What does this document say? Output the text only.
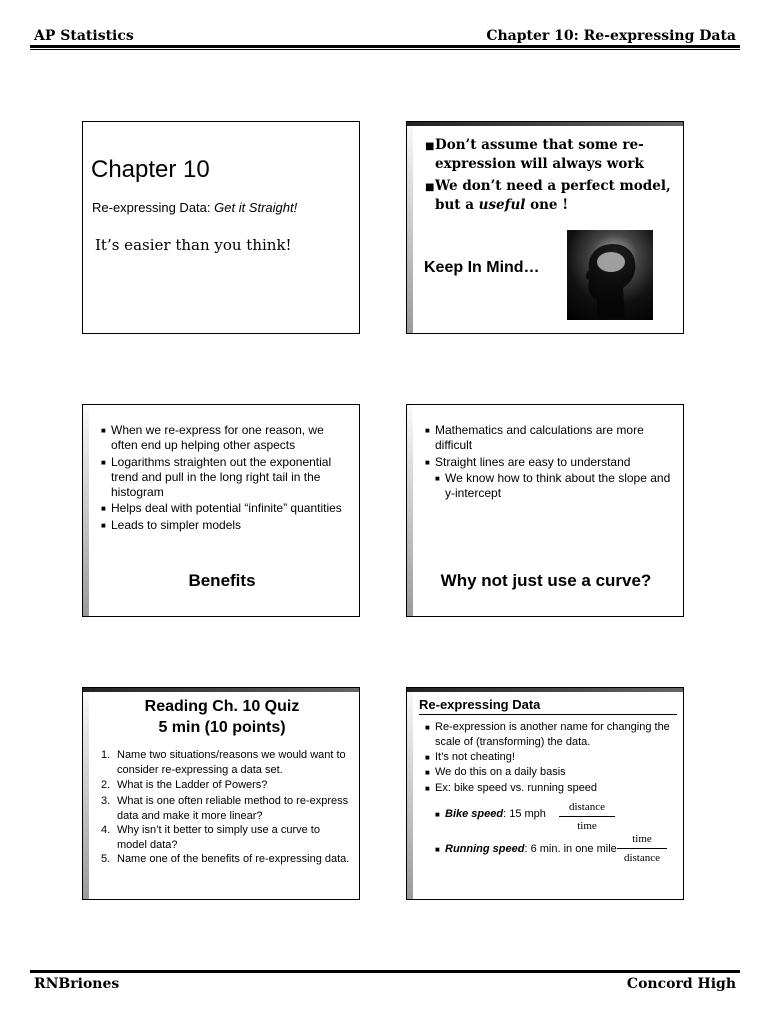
AP Statistics	Chapter 10: Re-expressing Data
Chapter 10
Re-expressing Data: Get it Straight!
It’s easier than you think!
■ Don’t assume that some re-expression will always work
■ We don’t need a perfect model, but a useful one !
Keep In Mind…
■ When we re-express for one reason, we often end up helping other aspects
■ Logarithms straighten out the exponential trend and pull in the long right tail in the histogram
■ Helps deal with potential “infinite” quantities
■ Leads to simpler models
Benefits
■ Mathematics and calculations are more difficult
■ Straight lines are easy to understand
■ We know how to think about the slope and y-intercept
Why not just use a curve?
Reading Ch. 10 Quiz
5 min (10 points)
1. Name two situations/reasons we would want to consider re-expressing a data set.
2. What is the Ladder of Powers?
3. What is one often reliable method to re-express data and make it more linear?
4. Why isn’t it better to simply use a curve to model data?
5. Name one of the benefits of re-expressing data.
Re-expressing Data
■ Re-expression is another name for changing the scale of (transforming) the data.
■ It’s not cheating!
■ We do this on a daily basis
■ Ex: bike speed vs. running speed
■ Bike speed: 15 mph
distance
time
■ Running speed: 6 min. in one mile
time
distance
RNBriones	Concord High
